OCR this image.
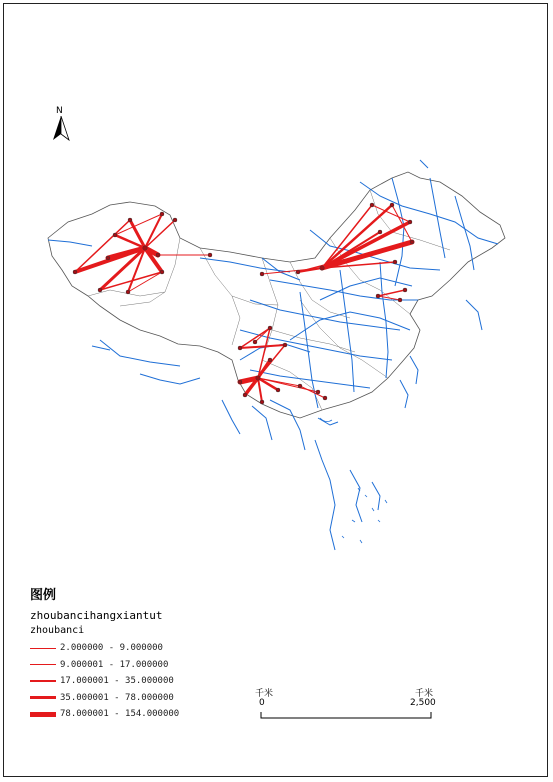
N
图例
zhoubancihangxiantut
zhoubanci
2.000000 - 9.000000
9.000001 - 17.000000
17.000001 - 35.000000
35.000001 - 78.000000
78.000001 - 154.000000
千米	千米
0	2,500
